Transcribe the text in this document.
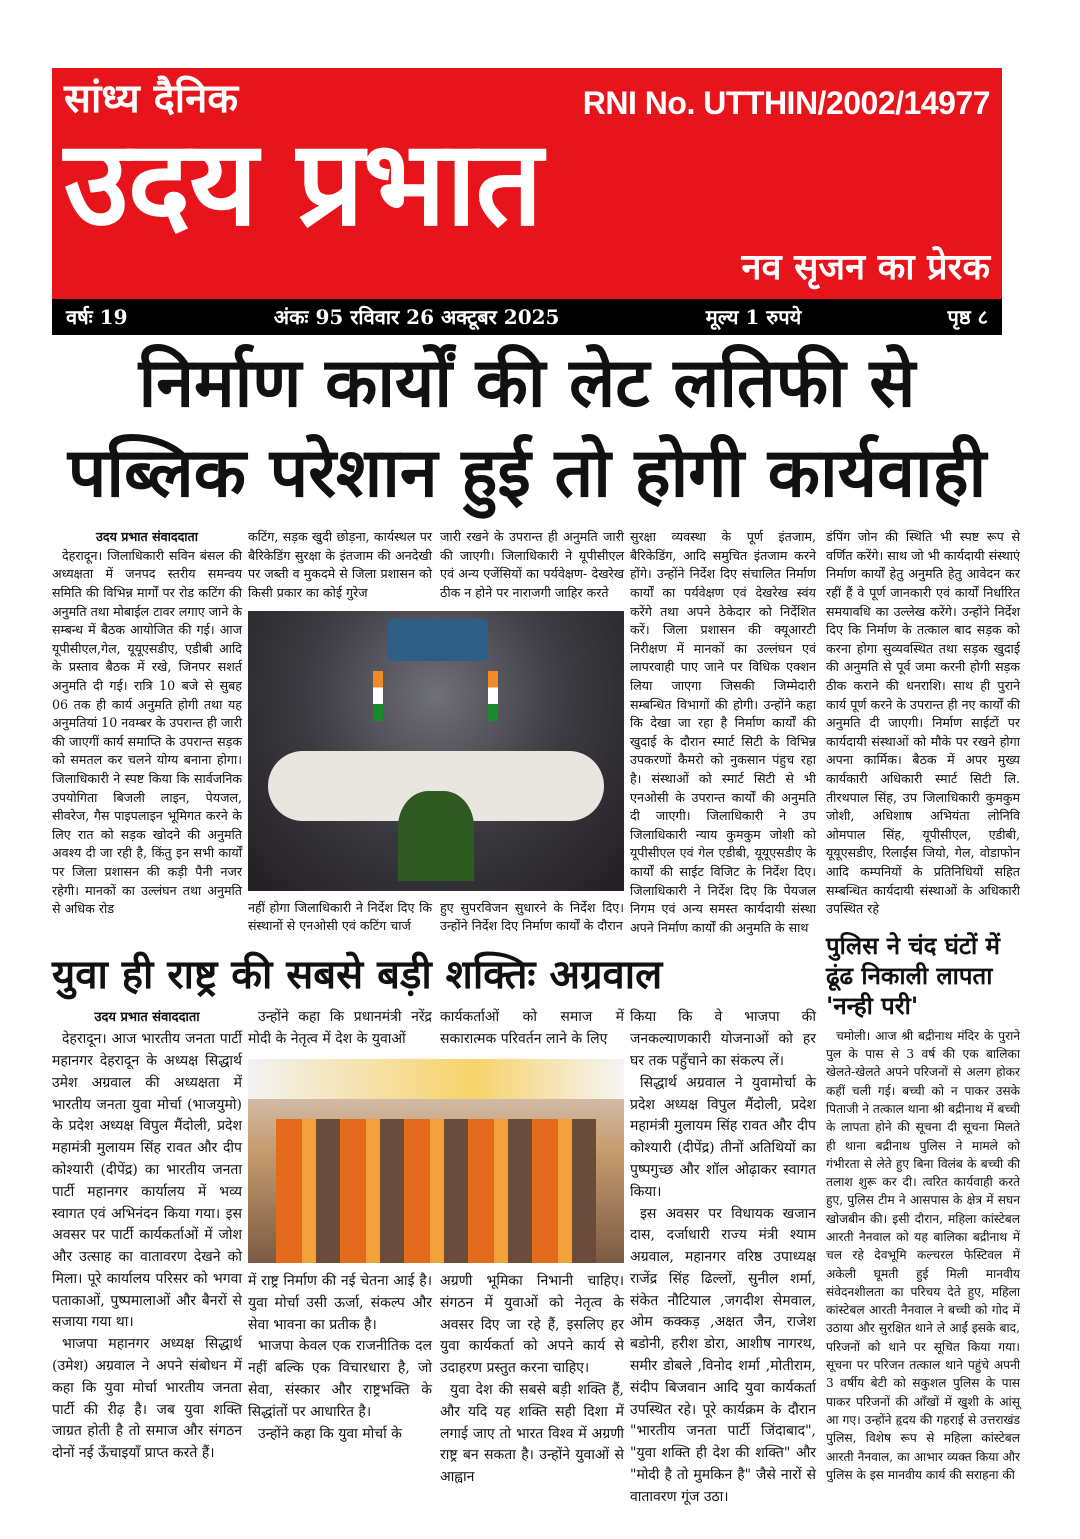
सांध्य दैनिक	RNI No. UTTHIN/2002/14977
उदय प्रभात
नव सृजन का प्रेरक
वर्षः 19	अंकः 95 रविवार 26 अक्टूबर 2025	मूल्य 1 रुपये	पृष्ठ ८
निर्माण कार्यों की लेट लतिफी से
पब्लिक परेशान हुई तो होगी कार्यवाही

उदय प्रभात संवाददाता

देहरादून। जिलाधिकारी सविन बंसल की अध्यक्षता में जनपद स्तरीय समन्वय समिति की विभिन्न मार्गों पर रोड कटिंग की अनुमति तथा मोबाईल टावर लगाए जाने के सम्बन्ध में बैठक आयोजित की गई। आज यूपीसीएल,गेल, यूयूएसडीए, एडीबी आदि के प्रस्ताव बैठक में रखे, जिनपर सशर्त अनुमति दी गई। रात्रि 10 बजे से सुबह 06 तक ही कार्य अनुमति होगी तथा यह अनुमतियां 10 नवम्बर के उपरान्त ही जारी की जाएगीं कार्य समाप्ति के उपरान्त सड़क को समतल कर चलने योग्य बनाना होगा। जिलाधिकारी ने स्पष्ट किया कि सार्वजनिक उपयोगिता बिजली लाइन, पेयजल, सीवरेज, गैस पाइपलाइन भूमिगत करने के लिए रात को सड़क खोदने की अनुमति अवश्य दी जा रही है, किंतु इन सभी कार्यों पर जिला प्रशासन की कड़ी पैनी नजर रहेगी। मानकों का उल्लंघन तथा अनुमति से अधिक रोड

कटिंग, सड़क खुदी छोड़ना, कार्यस्थल पर बैरिकेडिंग सुरक्षा के इंतजाम की अनदेखी पर जब्ती व मुकदमे से जिला प्रशासन को किसी प्रकार का कोई गुरेज

जारी रखने के उपरान्त ही अनुमति जारी की जाएगी। जिलाधिकारी ने यूपीसीएल एवं अन्य एजेंसियों का पर्यवेक्षण- देखरेख ठीक न होने पर नाराजगी जाहिर करते

नहीं होगा जिलाधिकारी ने निर्देश दिए कि संस्थानों से एनओसी एवं कटिंग चार्ज

हुए सुपरविजन सुधारने के निर्देश दिए। उन्होंने निर्देश दिए निर्माण कार्यों के दौरान

सुरक्षा व्यवस्था के पूर्ण इंतजाम, बैरिकेडिंग, आदि समुचित इंतजाम करने होंगे। उन्होंने निर्देश दिए संचालित निर्माण कार्यों का पर्यवेक्षण एवं देखरेख स्वंय करेंगे तथा अपने ठेकेदार को निर्देशित करें। जिला प्रशासन की क्यूआरटी निरीक्षण में मानकों का उल्लंघन एवं लापरवाही पाए जाने पर विधिक एक्शन लिया जाएगा जिसकी जिम्मेदारी सम्बन्धित विभागों की होगी। उन्होंने कहा कि देखा जा रहा है निर्माण कार्यों की खुदाई के दौरान स्मार्ट सिटी के विभिन्न उपकरणों कैमरो को नुकसान पंहुच रहा है। संस्थाओं को स्मार्ट सिटी से भी एनओसी के उपरान्त कार्यों की अनुमति दी जाएगी। जिलाधिकारी ने उप जिलाधिकारी न्याय कुमकुम जोशी को यूपीसीएल एवं गेल एडीबी, यूयूएसडीए के कार्यों की साईट विजिट के निर्देश दिए। जिलाधिकारी ने निर्देश दिए कि पेयजल निगम एवं अन्य समस्त कार्यदायी संस्था अपने निर्माण कार्यों की अनुमति के साथ

युवा ही राष्ट्र की सबसे बड़ी शक्तिः अग्रवाल

उदय प्रभात संवाददाता

देहरादून। आज भारतीय जनता पार्टी महानगर देहरादून के अध्यक्ष सिद्धार्थ उमेश अग्रवाल की अध्यक्षता में भारतीय जनता युवा मोर्चा (भाजयुमो) के प्रदेश अध्यक्ष विपुल मैंदोली, प्रदेश महामंत्री मुलायम सिंह रावत और दीप कोश्यारी (दीपेंद्र) का भारतीय जनता पार्टी महानगर कार्यालय में भव्य स्वागत एवं अभिनंदन किया गया। इस अवसर पर पार्टी कार्यकर्ताओं में जोश और उत्साह का वातावरण देखने को मिला। पूरे कार्यालय परिसर को भगवा पताकाओं, पुष्पमालाओं और बैनरों से सजाया गया था।

भाजपा महानगर अध्यक्ष सिद्धार्थ (उमेश) अग्रवाल ने अपने संबोधन में कहा कि युवा मोर्चा भारतीय जनता पार्टी की रीढ़ है। जब युवा शक्ति जाग्रत होती है तो समाज और संगठन दोनों नई ऊँचाइयाँ प्राप्त करते हैं।

उन्होंने कहा कि प्रधानमंत्री नरेंद्र मोदी के नेतृत्व में देश के युवाओं

कार्यकर्ताओं को समाज में सकारात्मक परिवर्तन लाने के लिए

में राष्ट्र निर्माण की नई चेतना आई है। युवा मोर्चा उसी ऊर्जा, संकल्प और सेवा भावना का प्रतीक है।

भाजपा केवल एक राजनीतिक दल नहीं बल्कि एक विचारधारा है, जो सेवा, संस्कार और राष्ट्रभक्ति के सिद्धांतों पर आधारित है।

उन्होंने कहा कि युवा मोर्चा के

अग्रणी भूमिका निभानी चाहिए। संगठन में युवाओं को नेतृत्व के अवसर दिए जा रहे हैं, इसलिए हर युवा कार्यकर्ता को अपने कार्य से उदाहरण प्रस्तुत करना चाहिए।

युवा देश की सबसे बड़ी शक्ति हैं, और यदि यह शक्ति सही दिशा में लगाई जाए तो भारत विश्व में अग्रणी राष्ट्र बन सकता है। उन्होंने युवाओं से आह्वान

किया कि वे भाजपा की जनकल्याणकारी योजनाओं को हर घर तक पहुँचाने का संकल्प लें।

सिद्धार्थ अग्रवाल ने युवामोर्चा के प्रदेश अध्यक्ष विपुल मैंदोली, प्रदेश महामंत्री मुलायम सिंह रावत और दीप कोश्यारी (दीपेंद्र) तीनों अतिथियों का पुष्पगुच्छ और शॉल ओढ़ाकर स्वागत किया।

इस अवसर पर विधायक खजान दास, दर्जाधारी राज्य मंत्री श्याम अग्रवाल, महानगर वरिष्ठ उपाध्यक्ष राजेंद्र सिंह ढिल्लों, सुनील शर्मा, संकेत नौटियाल ,जगदीश सेमवाल, ओम कक्कड़ ,अक्षत जैन, राजेश बडोनी, हरीश डोरा, आशीष नागरथ, समीर डोबले ,विनोद शर्मा ,मोतीराम, संदीप बिजवान आदि युवा कार्यकर्ता उपस्थित रहे। पूरे कार्यक्रम के दौरान "भारतीय जनता पार्टी जिंदाबाद", "युवा शक्ति ही देश की शक्ति" और "मोदी है तो मुमकिन है" जैसे नारों से वातावरण गूंज उठा।

डंपिंग जोन की स्थिति भी स्पष्ट रूप से वर्णित करेंगे। साथ जो भी कार्यदायी संस्थाएं निर्माण कार्यों हेतु अनुमति हेतु आवेदन कर रहीं हैं वे पूर्ण जानकारी एवं कार्यों निर्धारित समयावधि का उल्लेख करेंगे। उन्होंने निर्देश दिए कि निर्माण के तत्काल बाद सड़क को करना होगा सुव्यवस्थित तथा सड़क खुदाई की अनुमति से पूर्व जमा करनी होगी सड़क ठीक कराने की धनराशि। साथ ही पुराने कार्य पूर्ण करने के उपरान्त ही नए कार्यों की अनुमति दी जाएगी। निर्माण साईटों पर कार्यदायी संस्थाओं को मौके पर रखने होगा अपना कार्मिक। बैठक में अपर मुख्य कार्यकारी अधिकारी स्मार्ट सिटी लि. तीरथपाल सिंह, उप जिलाधिकारी कुमकुम जोशी, अधिशाष अभियंता लोनिवि ओमपाल सिंह, यूपीसीएल, एडीबी, यूयूएसडीए, रिलाईंस जियो, गेल, वोडाफोन आदि कम्पनियों के प्रतिनिधियों सहित सम्बन्धित कार्यदायी संस्थाओं के अधिकारी उपस्थित रहे

पुलिस ने चंद घंटों में ढूंढ निकाली लापता 'नन्ही परी'

चमोली। आज श्री बद्रीनाथ मंदिर के पुराने पुल के पास से 3 वर्ष की एक बालिका खेलते-खेलते अपने परिजनों से अलग होकर कहीं चली गई। बच्ची को न पाकर उसके पिताजी ने तत्काल थाना श्री बद्रीनाथ में बच्ची के लापता होने की सूचना दी सूचना मिलते ही थाना बद्रीनाथ पुलिस ने मामले को गंभीरता से लेते हुए बिना विलंब के बच्ची की तलाश शुरू कर दी। त्वरित कार्यवाही करते हुए, पुलिस टीम ने आसपास के क्षेत्र में सघन खोजबीन की। इसी दौरान, महिला कांस्टेबल आरती नैनवाल को यह बालिका बद्रीनाथ में चल रहे देवभूमि कल्चरल फेस्टिवल में अकेली घूमती हुई मिली मानवीय संवेदनशीलता का परिचय देते हुए, महिला कांस्टेबल आरती नैनवाल ने बच्ची को गोद में उठाया और सुरक्षित थाने ले आईं इसके बाद, परिजनों को थाने पर सूचित किया गया।सूचना पर परिजन तत्काल थाने पहुंचे अपनी 3 वर्षीय बेटी को सकुशल पुलिस के पास पाकर परिजनों की आँखों में खुशी के आंसू आ गए। उन्होंने हृदय की गहराई से उत्तराखंड पुलिस, विशेष रूप से महिला कांस्टेबल आरती नैनवाल, का आभार व्यक्त किया और पुलिस के इस मानवीय कार्य की सराहना की
